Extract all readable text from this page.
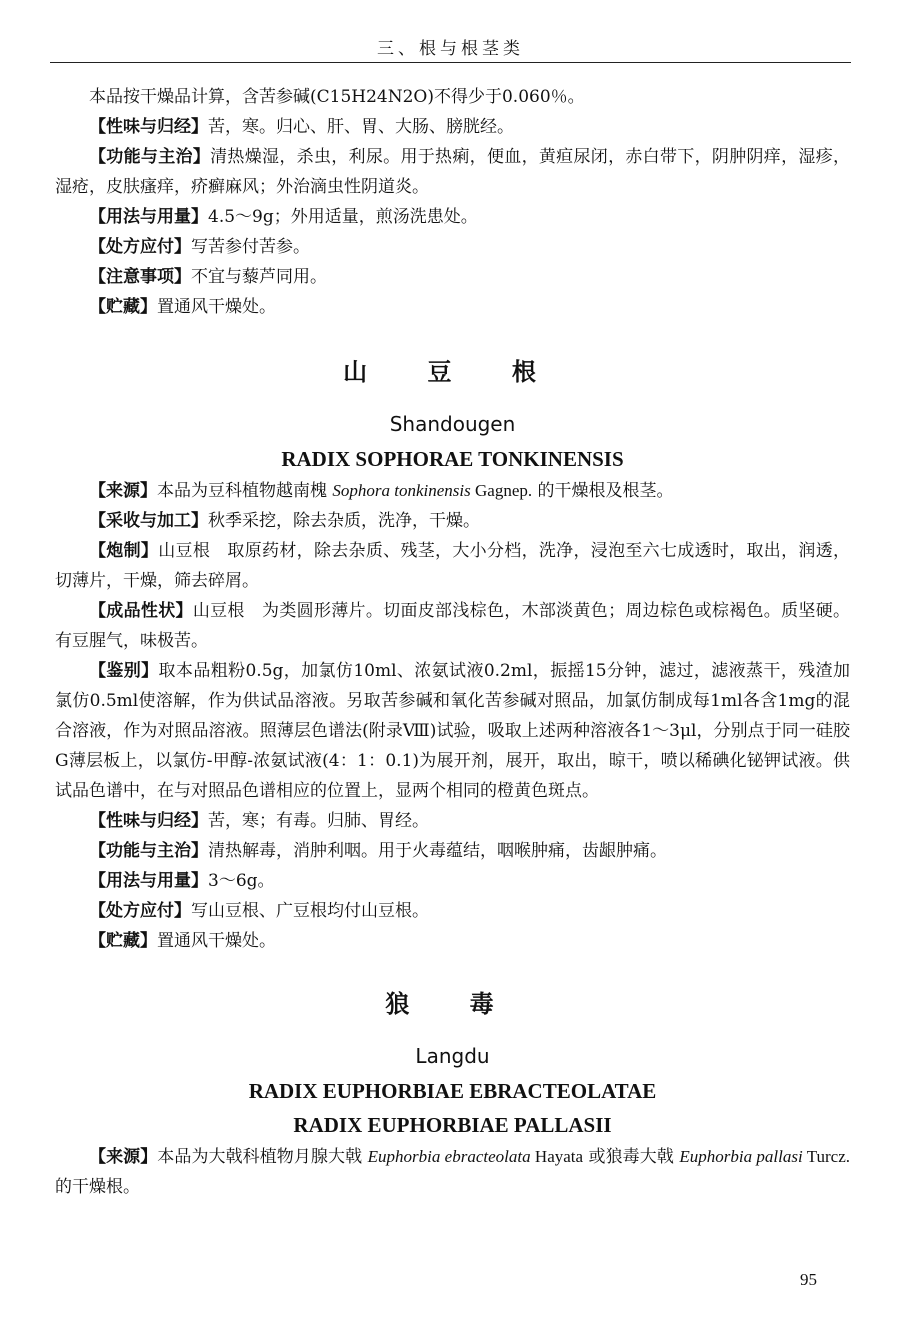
三、根与根茎类

本品按干燥品计算，含苦参碱(C15H24N2O)不得少于0.060％。

【性味与归经】苦，寒。归心、肝、胃、大肠、膀胱经。

【功能与主治】清热燥湿，杀虫，利尿。用于热痢，便血，黄疸尿闭，赤白带下，阴肿阴痒，湿疹，湿疮，皮肤瘙痒，疥癣麻风；外治滴虫性阴道炎。

【用法与用量】4.5～9g；外用适量，煎汤洗患处。

【处方应付】写苦参付苦参。

【注意事项】不宜与藜芦同用。

【贮藏】置通风干燥处。

山 豆 根
Shandougen
RADIX SOPHORAE TONKINENSIS

【来源】本品为豆科植物越南槐 Sophora tonkinensis Gagnep. 的干燥根及根茎。

【采收与加工】秋季采挖，除去杂质，洗净，干燥。

【炮制】山豆根　取原药材，除去杂质、残茎，大小分档，洗净，浸泡至六七成透时，取出，润透，切薄片，干燥，筛去碎屑。

【成品性状】山豆根　为类圆形薄片。切面皮部浅棕色，木部淡黄色；周边棕色或棕褐色。质坚硬。有豆腥气，味极苦。

【鉴别】取本品粗粉0.5g，加氯仿10ml、浓氨试液0.2ml，振摇15分钟，滤过，滤液蒸干，残渣加氯仿0.5ml使溶解，作为供试品溶液。另取苦参碱和氧化苦参碱对照品，加氯仿制成每1ml各含1mg的混合溶液，作为对照品溶液。照薄层色谱法(附录Ⅷ)试验，吸取上述两种溶液各1～3μl，分别点于同一硅胶G薄层板上，以氯仿-甲醇-浓氨试液(4：1：0.1)为展开剂，展开，取出，晾干，喷以稀碘化铋钾试液。供试品色谱中，在与对照品色谱相应的位置上，显两个相同的橙黄色斑点。

【性味与归经】苦，寒；有毒。归肺、胃经。

【功能与主治】清热解毒，消肿利咽。用于火毒蕴结，咽喉肿痛，齿龈肿痛。

【用法与用量】3～6g。

【处方应付】写山豆根、广豆根均付山豆根。

【贮藏】置通风干燥处。

狼 毒
Langdu
RADIX EUPHORBIAE EBRACTEOLATAE
RADIX EUPHORBIAE PALLASII

【来源】本品为大戟科植物月腺大戟 Euphorbia ebracteolata Hayata 或狼毒大戟 Euphorbia pallasi Turcz. 的干燥根。

95
